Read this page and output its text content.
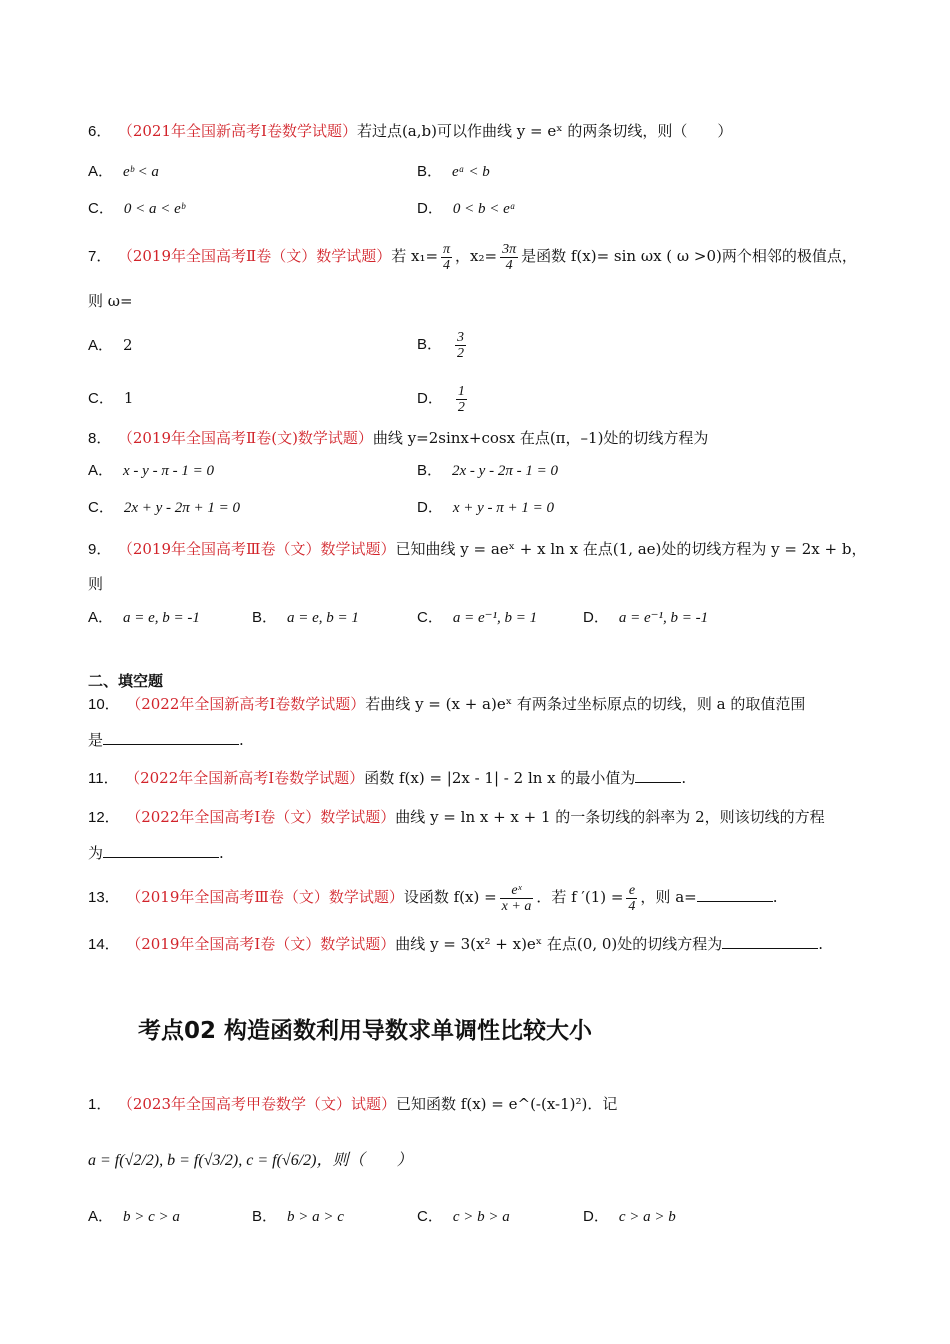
6． （2021年全国新高考Ⅰ卷数学试题）若过点(a,b)可以作曲线 y = eˣ 的两条切线，则（　　）
A． eᵇ < a	B． eᵃ < b
C． 0 < a < eᵇ	D． 0 < b < eᵃ
7． （2019年全国高考Ⅱ卷（文）数学试题）若 $x_1= \frac{\pi}{4}$ ，$x_2= \frac{3\pi}{4}$ 是函数 f(x)= sin ωx ( ω >0)两个相邻的极值点，
则 ω=
A． 2	B． $\frac{3}{2}$
C． 1	D． $\frac{1}{2}$
8． （2019年全国高考Ⅱ卷(文)数学试题）曲线 y=2sinx+cosx 在点(π，–1)处的切线方程为
A． x - y - π - 1 = 0	B． 2x - y - 2π - 1 = 0
C． 2x + y - 2π + 1 = 0	D． x + y - π + 1 = 0
9． （2019年全国高考Ⅲ卷（文）数学试题）已知曲线 y = aeˣ + x ln x 在点(1, ae)处的切线方程为 y = 2x + b，
则
A． a = e, b = -1	B． a = e, b = 1	C． a = e⁻¹, b = 1	D． a = e⁻¹, b = -1
二、填空题
10． （2022年全国新高考Ⅰ卷数学试题）若曲线 y = (x + a)eˣ 有两条过坐标原点的切线，则 a 的取值范围
是	.
11． （2022年全国新高考Ⅰ卷数学试题）函数 f(x) = |2x - 1| - 2 ln x 的最小值为	.
12． （2022年全国高考Ⅰ卷（文）数学试题）曲线 y = ln x + x + 1 的一条切线的斜率为 2，则该切线的方程
为	.
13． （2019年全国高考Ⅲ卷（文）数学试题）设函数 $f(x) = \frac{\text{eˣ}}{x + a}$ ．若 f $'(1) = \frac{e}{4}$ ，则 a=	.
14． （2019年全国高考Ⅰ卷（文）数学试题）曲线 y = 3(x² + x)eˣ 在点(0, 0)处的切线方程为	.
考点02 构造函数利用导数求单调性比较大小
1． （2023年全国高考甲卷数学（文）试题）已知函数 f(x) = e^(-(x-1)²)．记
a = f(√2/2), b = f(√3/2), c = f(√6/2)，则（　　）
A． b > c > a	B． b > a > c	C． c > b > a	D． c > a > b
